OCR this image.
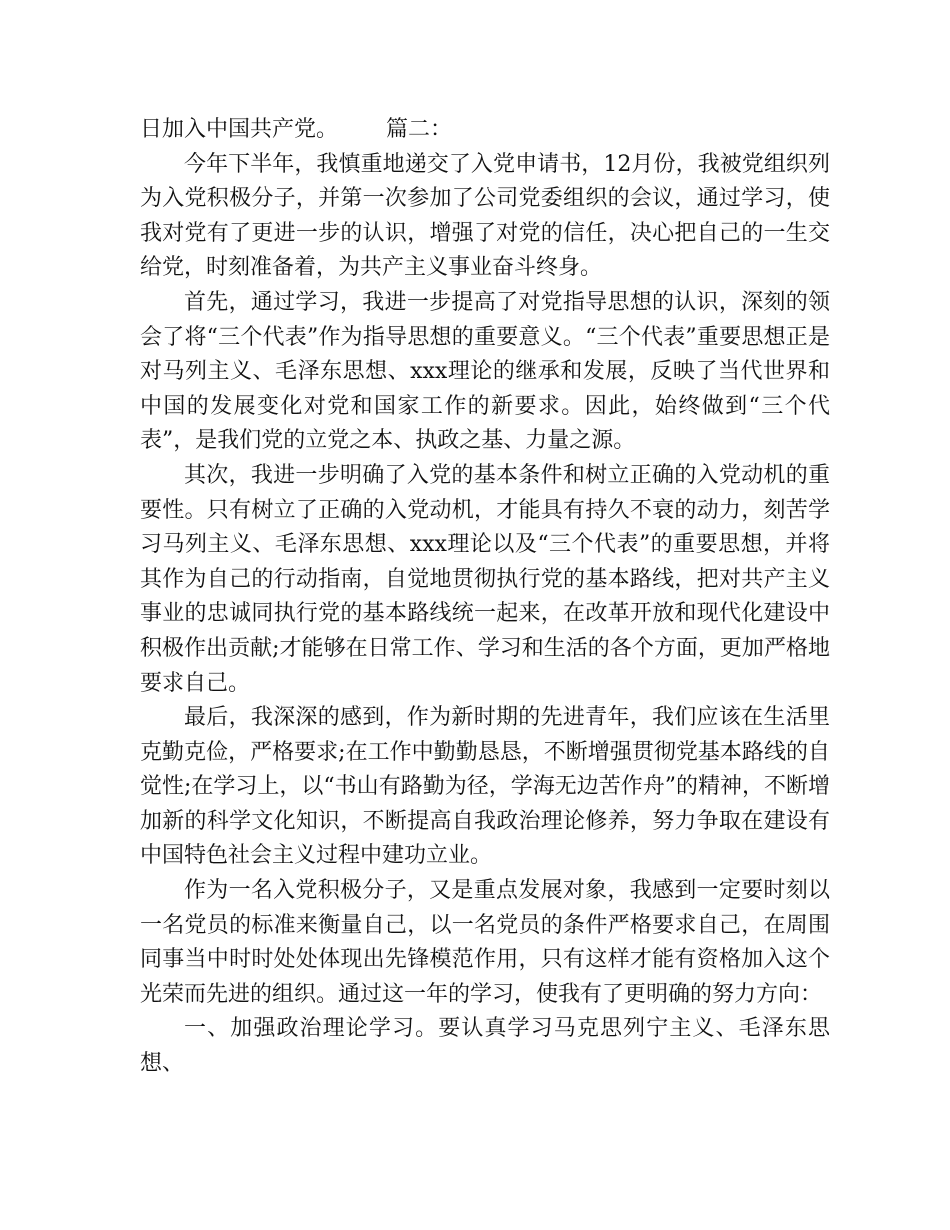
日加入中国共产党。 篇二：

今年下半年，我慎重地递交了入党申请书，12月份，我被党组织列为入党积极分子，并第一次参加了公司党委组织的会议，通过学习，使我对党有了更进一步的认识，增强了对党的信任，决心把自己的一生交给党，时刻准备着，为共产主义事业奋斗终身。

首先，通过学习，我进一步提高了对党指导思想的认识，深刻的领会了将“三个代表”作为指导思想的重要意义。“三个代表”重要思想正是对马列主义、毛泽东思想、xxx理论的继承和发展，反映了当代世界和中国的发展变化对党和国家工作的新要求。因此，始终做到“三个代表”，是我们党的立党之本、执政之基、力量之源。

其次，我进一步明确了入党的基本条件和树立正确的入党动机的重要性。只有树立了正确的入党动机，才能具有持久不衰的动力，刻苦学习马列主义、毛泽东思想、xxx理论以及“三个代表”的重要思想，并将其作为自己的行动指南，自觉地贯彻执行党的基本路线，把对共产主义事业的忠诚同执行党的基本路线统一起来，在改革开放和现代化建设中积极作出贡献;才能够在日常工作、学习和生活的各个方面，更加严格地要求自己。

最后，我深深的感到，作为新时期的先进青年，我们应该在生活里克勤克俭，严格要求;在工作中勤勤恳恳，不断增强贯彻党基本路线的自觉性;在学习上，以“书山有路勤为径，学海无边苦作舟”的精神，不断增加新的科学文化知识，不断提高自我政治理论修养，努力争取在建设有中国特色社会主义过程中建功立业。

作为一名入党积极分子，又是重点发展对象，我感到一定要时刻以一名党员的标准来衡量自己，以一名党员的条件严格要求自己，在周围同事当中时时处处体现出先锋模范作用，只有这样才能有资格加入这个光荣而先进的组织。通过这一年的学习，使我有了更明确的努力方向：

一、加强政治理论学习。要认真学习马克思列宁主义、毛泽东思想、
